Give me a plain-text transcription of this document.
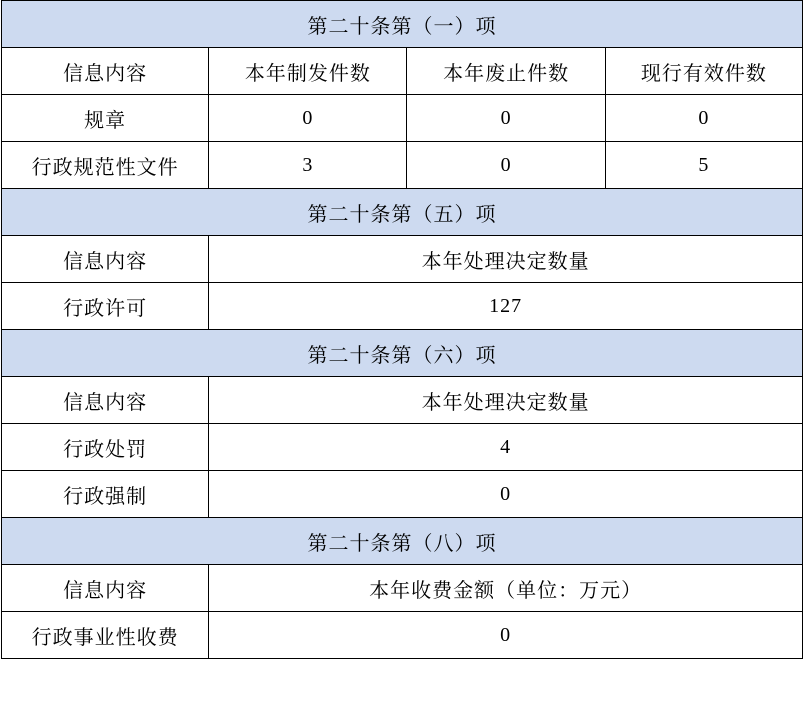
第二十条第（一）项			
信息内容	本年制发件数	本年废止件数	现行有效件数
规章	0	0	0
行政规范性文件	3	0	5
第二十条第（五）项			
信息内容	本年处理决定数量		
行政许可	127		
第二十条第（六）项			
信息内容	本年处理决定数量		
行政处罚	4		
行政强制	0		
第二十条第（八）项			
信息内容	本年收费金额（单位：万元）		
行政事业性收费	0		
